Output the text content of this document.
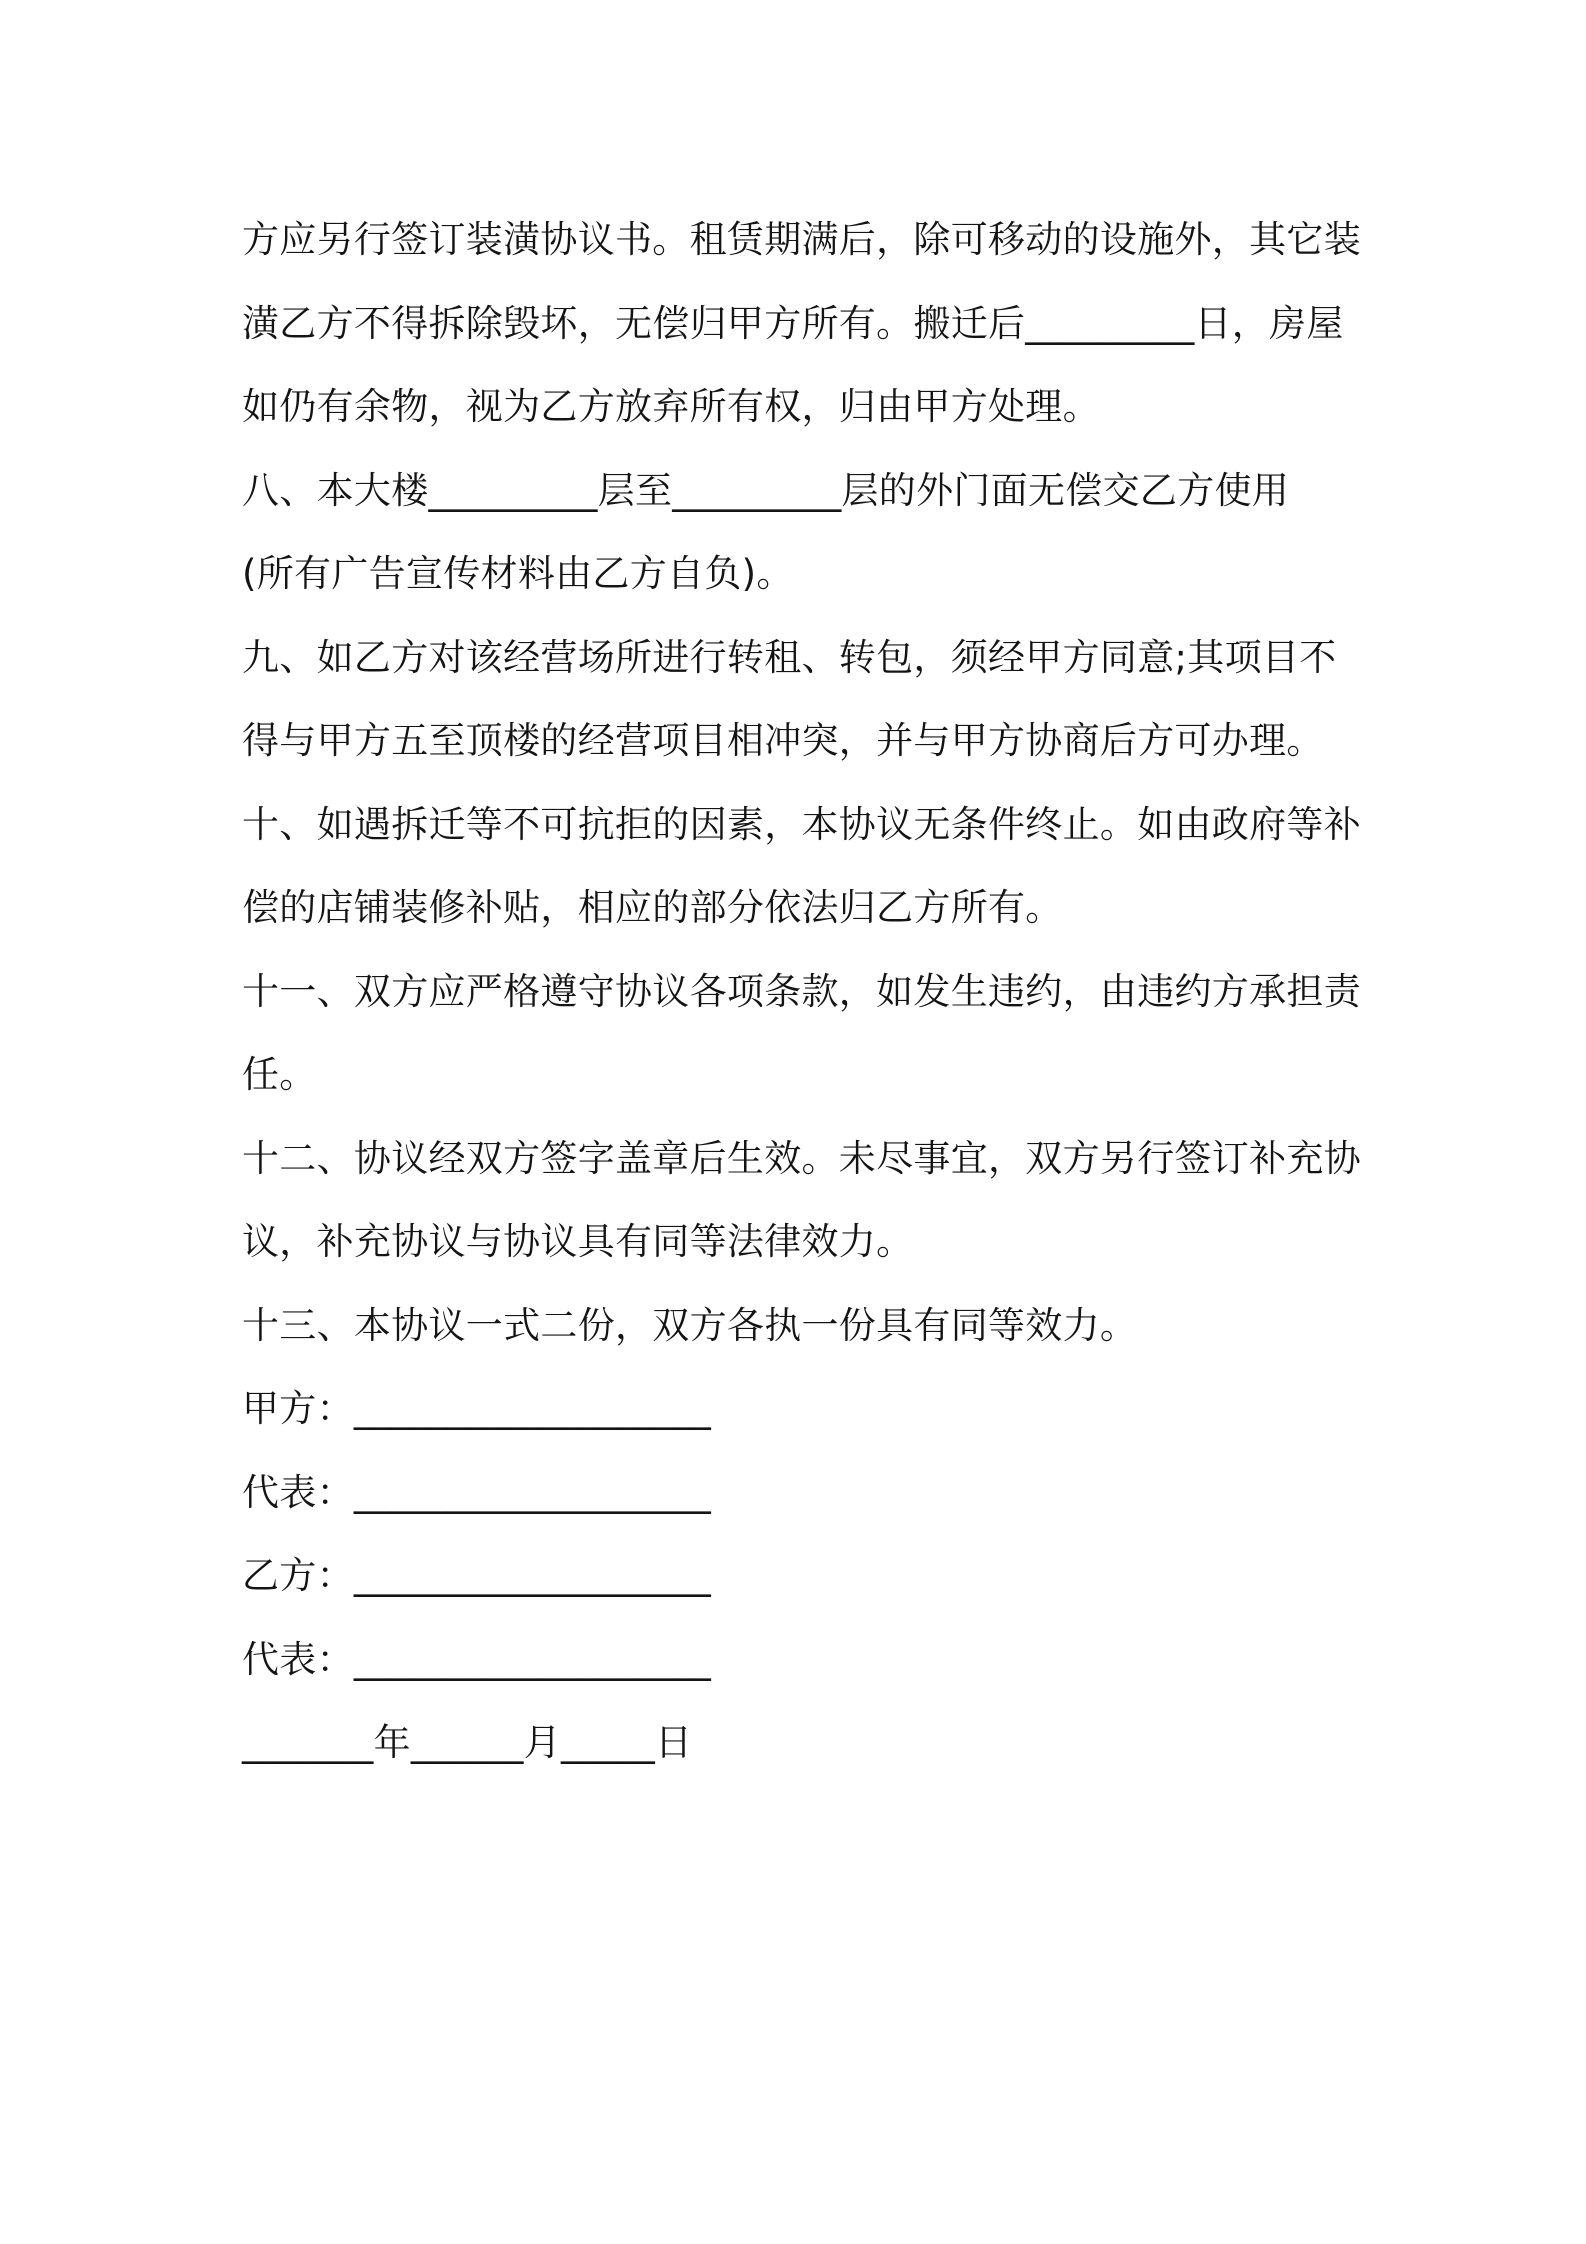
方应另行签订装潢协议书。租赁期满后，除可移动的设施外，其它装
潢乙方不得拆除毁坏，无偿归甲方所有。搬迁后_________日，房屋
如仍有余物，视为乙方放弃所有权，归由甲方处理。
八、本大楼_________层至_________层的外门面无偿交乙方使用
(所有广告宣传材料由乙方自负)。
九、如乙方对该经营场所进行转租、转包，须经甲方同意;其项目不
得与甲方五至顶楼的经营项目相冲突，并与甲方协商后方可办理。
十、如遇拆迁等不可抗拒的因素，本协议无条件终止。如由政府等补
偿的店铺装修补贴，相应的部分依法归乙方所有。
十一、双方应严格遵守协议各项条款，如发生违约，由违约方承担责
任。
十二、协议经双方签字盖章后生效。未尽事宜，双方另行签订补充协
议，补充协议与协议具有同等法律效力。
十三、本协议一式二份，双方各执一份具有同等效力。
甲方：___________________
代表：___________________
乙方：___________________
代表：___________________
_______年______月_____日
